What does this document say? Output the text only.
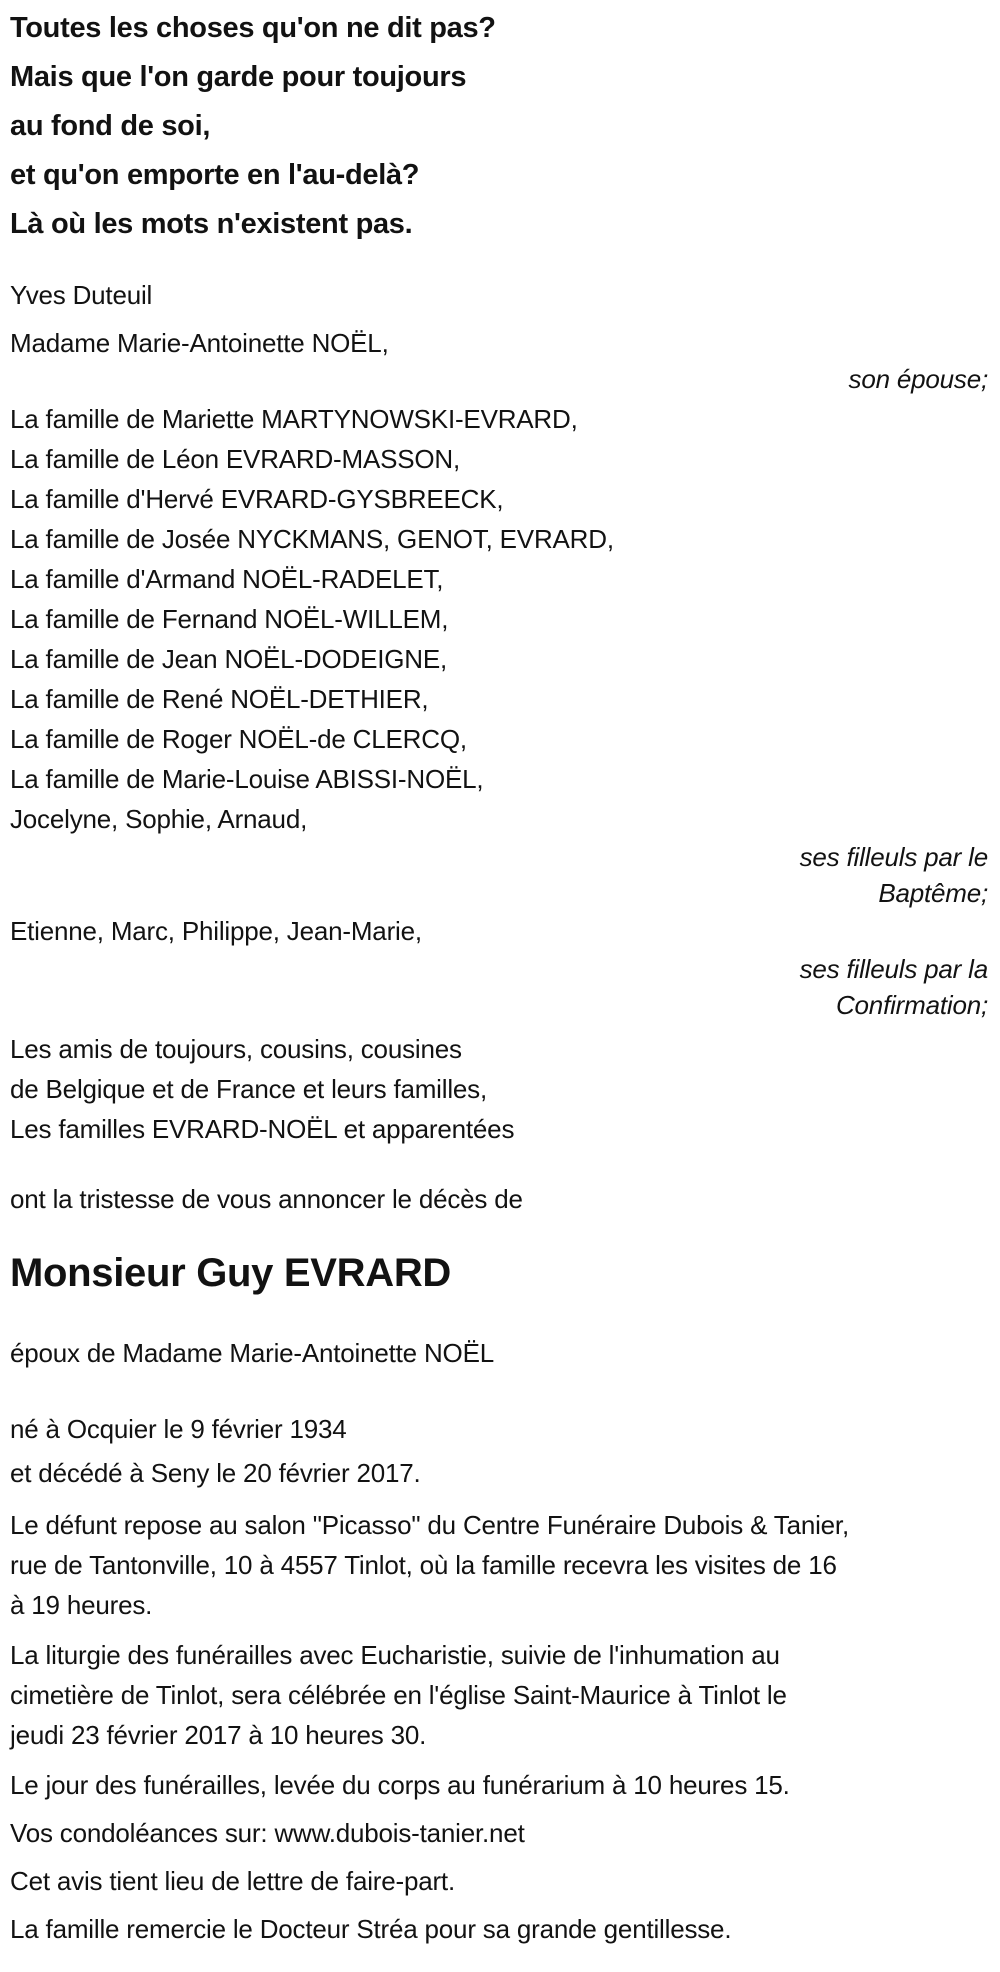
Toutes les choses qu'on ne dit pas?
Mais que l'on garde pour toujours
au fond de soi,
et qu'on emporte en l'au-delà?
Là où les mots n'existent pas.
Yves Duteuil
Madame Marie-Antoinette NOËL,
son épouse;
La famille de Mariette MARTYNOWSKI-EVRARD,
La famille de Léon EVRARD-MASSON,
La famille d'Hervé EVRARD-GYSBREECK,
La famille de Josée NYCKMANS, GENOT, EVRARD,
La famille d'Armand NOËL-RADELET,
La famille de Fernand NOËL-WILLEM,
La famille de Jean NOËL-DODEIGNE,
La famille de René NOËL-DETHIER,
La famille de Roger NOËL-de CLERCQ,
La famille de Marie-Louise ABISSI-NOËL,
Jocelyne, Sophie, Arnaud,
ses filleuls par le
Baptême;
Etienne, Marc, Philippe, Jean-Marie,
ses filleuls par la
Confirmation;
Les amis de toujours, cousins, cousines
de Belgique et de France et leurs familles,
Les familles EVRARD-NOËL et apparentées
ont la tristesse de vous annoncer le décès de
Monsieur Guy EVRARD
époux de Madame Marie-Antoinette NOËL
né à Ocquier le 9 février 1934
et décédé à Seny le 20 février 2017.
Le défunt repose au salon "Picasso" du Centre Funéraire Dubois & Tanier,
rue de Tantonville, 10 à 4557 Tinlot, où la famille recevra les visites de 16
à 19 heures.
La liturgie des funérailles avec Eucharistie, suivie de l'inhumation au
cimetière de Tinlot, sera célébrée en l'église Saint-Maurice à Tinlot le
jeudi 23 février 2017 à 10 heures 30.
Le jour des funérailles, levée du corps au funérarium à 10 heures 15.
Vos condoléances sur: www.dubois-tanier.net
Cet avis tient lieu de lettre de faire-part.
La famille remercie le Docteur Stréa pour sa grande gentillesse.
